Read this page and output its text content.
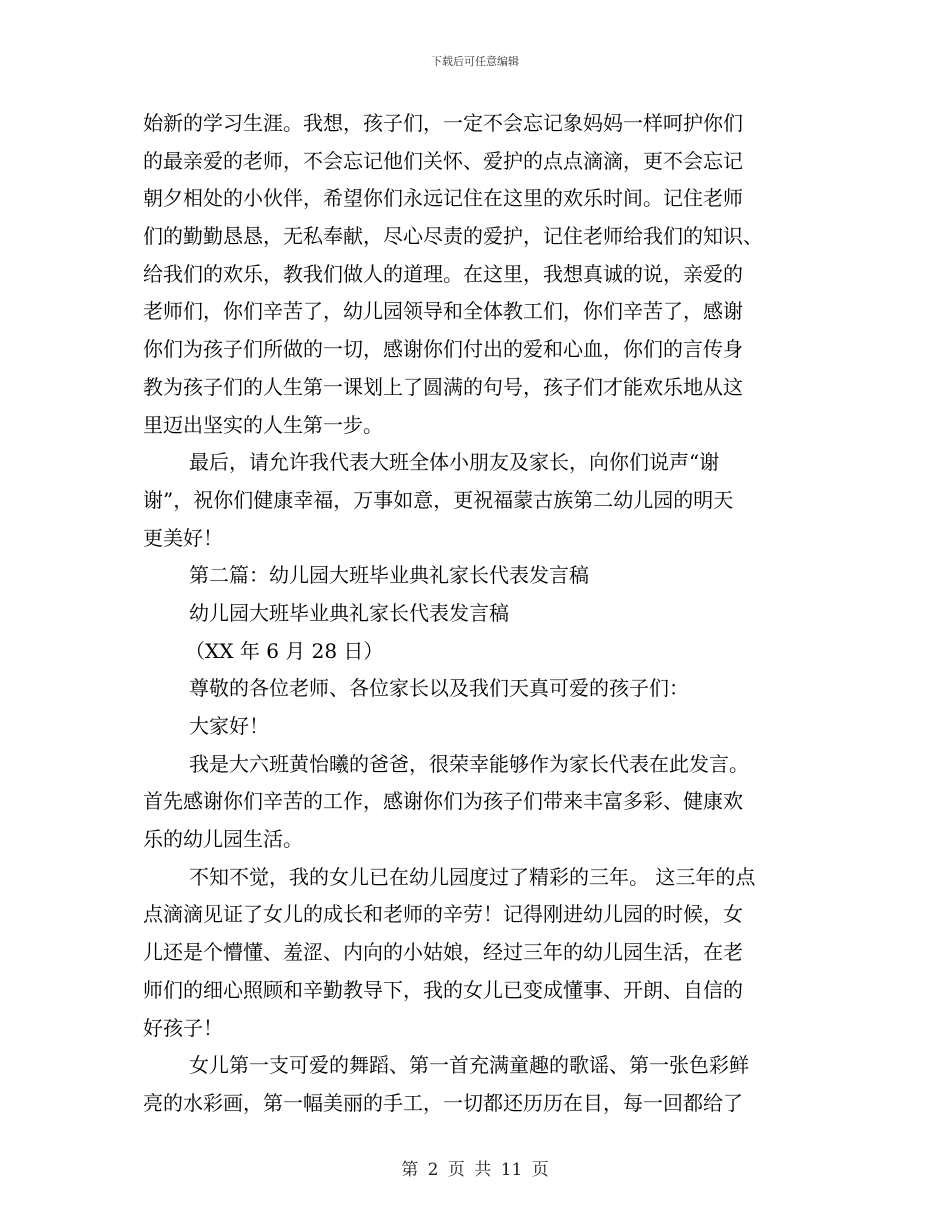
下载后可任意编辑
始新的学习生涯。我想，孩子们，一定不会忘记象妈妈一样呵护你们
的最亲爱的老师，不会忘记他们关怀、爱护的点点滴滴，更不会忘记
朝夕相处的小伙伴，希望你们永远记住在这里的欢乐时间。记住老师
们的勤勤恳恳，无私奉献，尽心尽责的爱护，记住老师给我们的知识、
给我们的欢乐，教我们做人的道理。在这里，我想真诚的说，亲爱的
老师们，你们辛苦了，幼儿园领导和全体教工们，你们辛苦了，感谢
你们为孩子们所做的一切，感谢你们付出的爱和心血，你们的言传身
教为孩子们的人生第一课划上了圆满的句号，孩子们才能欢乐地从这
里迈出坚实的人生第一步。
最后，请允许我代表大班全体小朋友及家长，向你们说声“谢
谢”，祝你们健康幸福，万事如意，更祝福蒙古族第二幼儿园的明天
更美好！
第二篇：幼儿园大班毕业典礼家长代表发言稿
幼儿园大班毕业典礼家长代表发言稿
（XX 年 6 月 28 日）
尊敬的各位老师、各位家长以及我们天真可爱的孩子们：
大家好！
我是大六班黄怡曦的爸爸，很荣幸能够作为家长代表在此发言。
首先感谢你们辛苦的工作，感谢你们为孩子们带来丰富多彩、健康欢
乐的幼儿园生活。
不知不觉，我的女儿已在幼儿园度过了精彩的三年。 这三年的点
点滴滴见证了女儿的成长和老师的辛劳！记得刚进幼儿园的时候，女
儿还是个懵懂、羞涩、内向的小姑娘，经过三年的幼儿园生活，在老
师们的细心照顾和辛勤教导下，我的女儿已变成懂事、开朗、自信的
好孩子！
女儿第一支可爱的舞蹈、第一首充满童趣的歌谣、第一张色彩鲜
亮的水彩画，第一幅美丽的手工，一切都还历历在目，每一回都给了
第 2 页 共 11 页
